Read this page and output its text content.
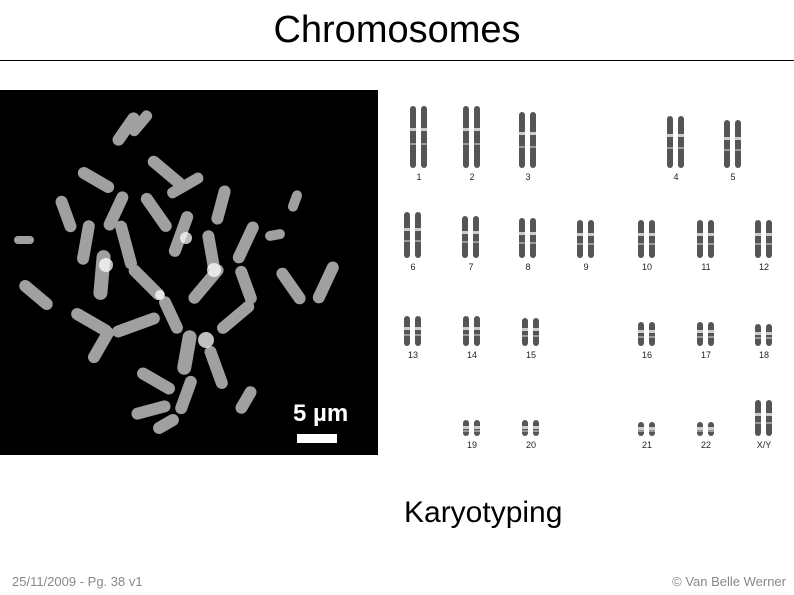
Chromosomes
5 µm
1	2	3	4	5
6	7	8	9	10	11	12
13	14	15	16	17	18
19	20	21	22	X/Y
Karyotyping
25/11/2009 - Pg. 38 v1	© Van Belle Werner
